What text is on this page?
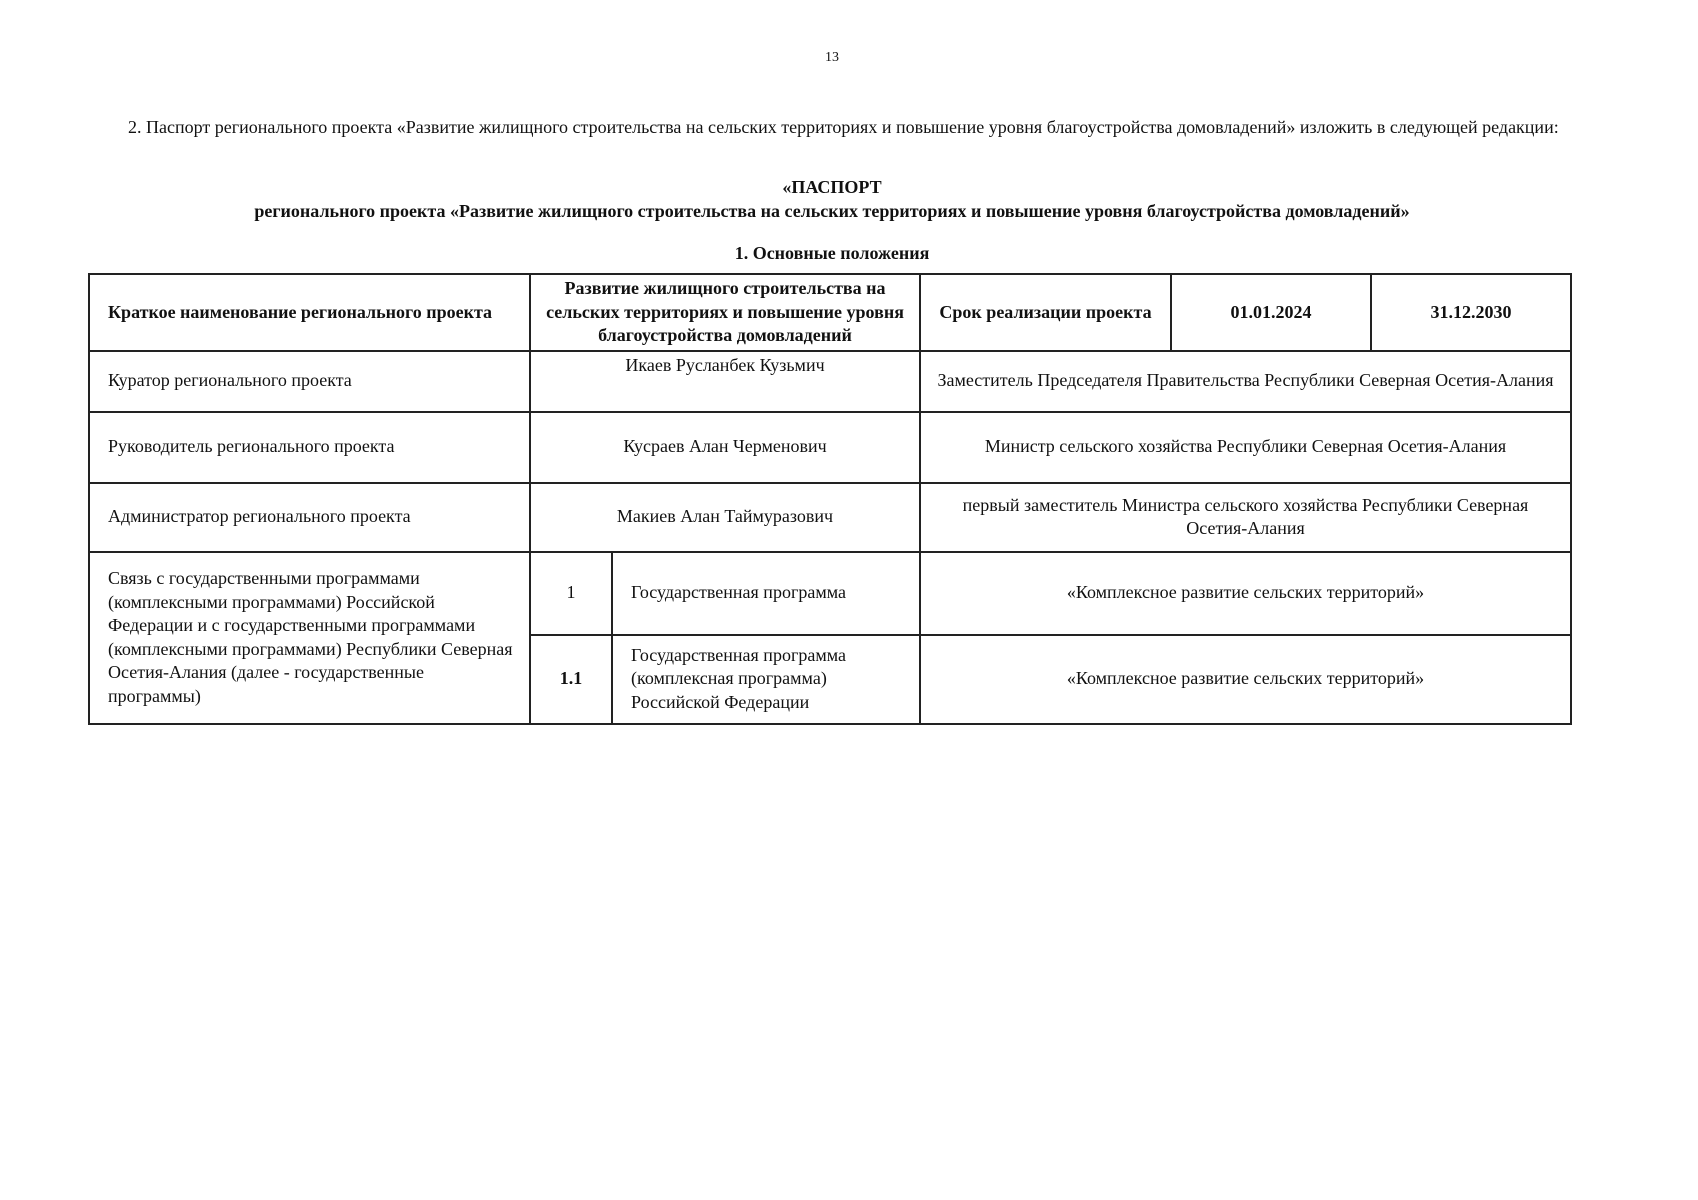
13
2. Паспорт регионального проекта «Развитие жилищного строительства на сельских территориях и повышение уровня благоустройства домовладений» изложить в следующей редакции:
«ПАСПОРТ
регионального проекта «Развитие жилищного строительства на сельских территориях и повышение уровня благоустройства домовладений»
1. Основные положения
Краткое наименование регионального проекта	Развитие жилищного строительства на сельских территориях и повышение уровня благоустройства домовладений		Срок реализации проекта	01.01.2024	31.12.2030
Куратор регионального проекта	Икаев Русланбек Кузьмич		Заместитель Председателя Правительства Республики Северная Осетия-Алания		
Руководитель регионального проекта	Кусраев Алан Черменович		Министр сельского хозяйства Республики Северная Осетия-Алания		
Администратор регионального проекта	Макиев Алан Таймуразович		первый заместитель Министра сельского хозяйства Республики Северная Осетия-Алания		
Связь с государственными программами (комплексными программами) Российской Федерации и с государственными программами (комплексными программами) Республики Северная Осетия-Алания (далее - государственные программы)	1	Государственная программа	«Комплексное развитие сельских территорий»		
	1.1	Государственная программа (комплексная программа) Российской Федерации	«Комплексное развитие сельских территорий»		
